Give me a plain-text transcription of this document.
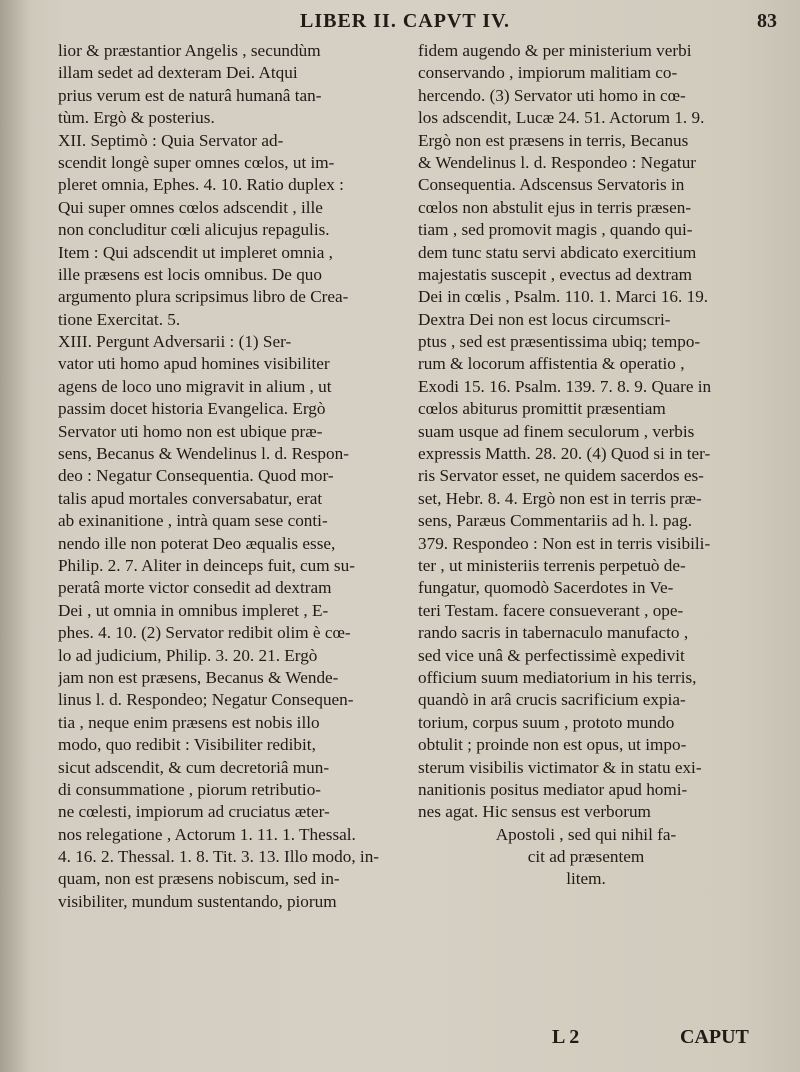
LIBER II. CAPVT IV.	83
lior & præstantior Angelis , secundùm
illam sedet ad dexteram Dei. Atqui
prius verum est de naturâ humanâ tan-
tùm. Ergò & posterius.
XII. Septimò : Quia Servator ad-
scendit longè super omnes cœlos, ut im-
pleret omnia, Ephes. 4. 10. Ratio duplex :
Qui super omnes cœlos adscendit , ille
non concluditur cœli alicujus repagulis.
Item : Qui adscendit ut impleret omnia ,
ille præsens est locis omnibus. De quo
argumento plura scripsimus libro de Crea-
tione Exercitat. 5.
XIII. Pergunt Adversarii : (1) Ser-
vator uti homo apud homines visibiliter
agens de loco uno migravit in alium , ut
passim docet historia Evangelica. Ergò
Servator uti homo non est ubique præ-
sens, Becanus & Wendelinus l. d. Respon-
deo : Negatur Consequentia. Quod mor-
talis apud mortales conversabatur, erat
ab exinanitione , intrà quam sese conti-
nendo ille non poterat Deo æqualis esse,
Philip. 2. 7. Aliter in deinceps fuit, cum su-
peratâ morte victor consedit ad dextram
Dei , ut omnia in omnibus impleret , E-
phes. 4. 10. (2) Servator redibit olim è cœ-
lo ad judicium, Philip. 3. 20. 21. Ergò
jam non est præsens, Becanus & Wende-
linus l. d. Respondeo; Negatur Consequen-
tia , neque enim præsens est nobis illo
modo, quo redibit : Visibiliter redibit,
sicut adscendit, & cum decretoriâ mun-
di consummatione , piorum retributio-
ne cœlesti, impiorum ad cruciatus æter-
nos relegatione , Actorum 1. 11. 1. Thessal.
4. 16. 2. Thessal. 1. 8. Tit. 3. 13. Illo modo, in-
quam, non est præsens nobiscum, sed in-
visibiliter, mundum sustentando, piorum
fidem augendo & per ministerium verbi
conservando , impiorum malitiam co-
hercendo. (3) Servator uti homo in cœ-
los adscendit, Lucæ 24. 51. Actorum 1. 9.
Ergò non est præsens in terris, Becanus
& Wendelinus l. d. Respondeo : Negatur
Consequentia. Adscensus Servatoris in
cœlos non abstulit ejus in terris præsen-
tiam , sed promovit magis , quando qui-
dem tunc statu servi abdicato exercitium
majestatis suscepit , evectus ad dextram
Dei in cœlis , Psalm. 110. 1. Marci 16. 19.
Dextra Dei non est locus circumscri-
ptus , sed est præsentissima ubiq; tempo-
rum & locorum affistentia & operatio ,
Exodi 15. 16. Psalm. 139. 7. 8. 9. Quare in
cœlos abiturus promittit præsentiam
suam usque ad finem seculorum , verbis
expressis Matth. 28. 20. (4) Quod si in ter-
ris Servator esset, ne quidem sacerdos es-
set, Hebr. 8. 4. Ergò non est in terris præ-
sens, Paræus Commentariis ad h. l. pag.
379. Respondeo : Non est in terris visibili-
ter , ut ministeriis terrenis perpetuò de-
fungatur, quomodò Sacerdotes in Ve-
teri Testam. facere consueverant , ope-
rando sacris in tabernaculo manufacto ,
sed vice unâ & perfectissimè expedivit
officium suum mediatorium in his terris,
quandò in arâ crucis sacrificium expia-
torium, corpus suum , prototo mundo
obtulit ; proinde non est opus, ut impo-
sterum visibilis victimator & in statu exi-
nanitionis positus mediator apud homi-
nes agat. Hic sensus est verborum
Apostoli , sed qui nihil fa-
cit ad præsentem
litem.
L 2	CAPUT
